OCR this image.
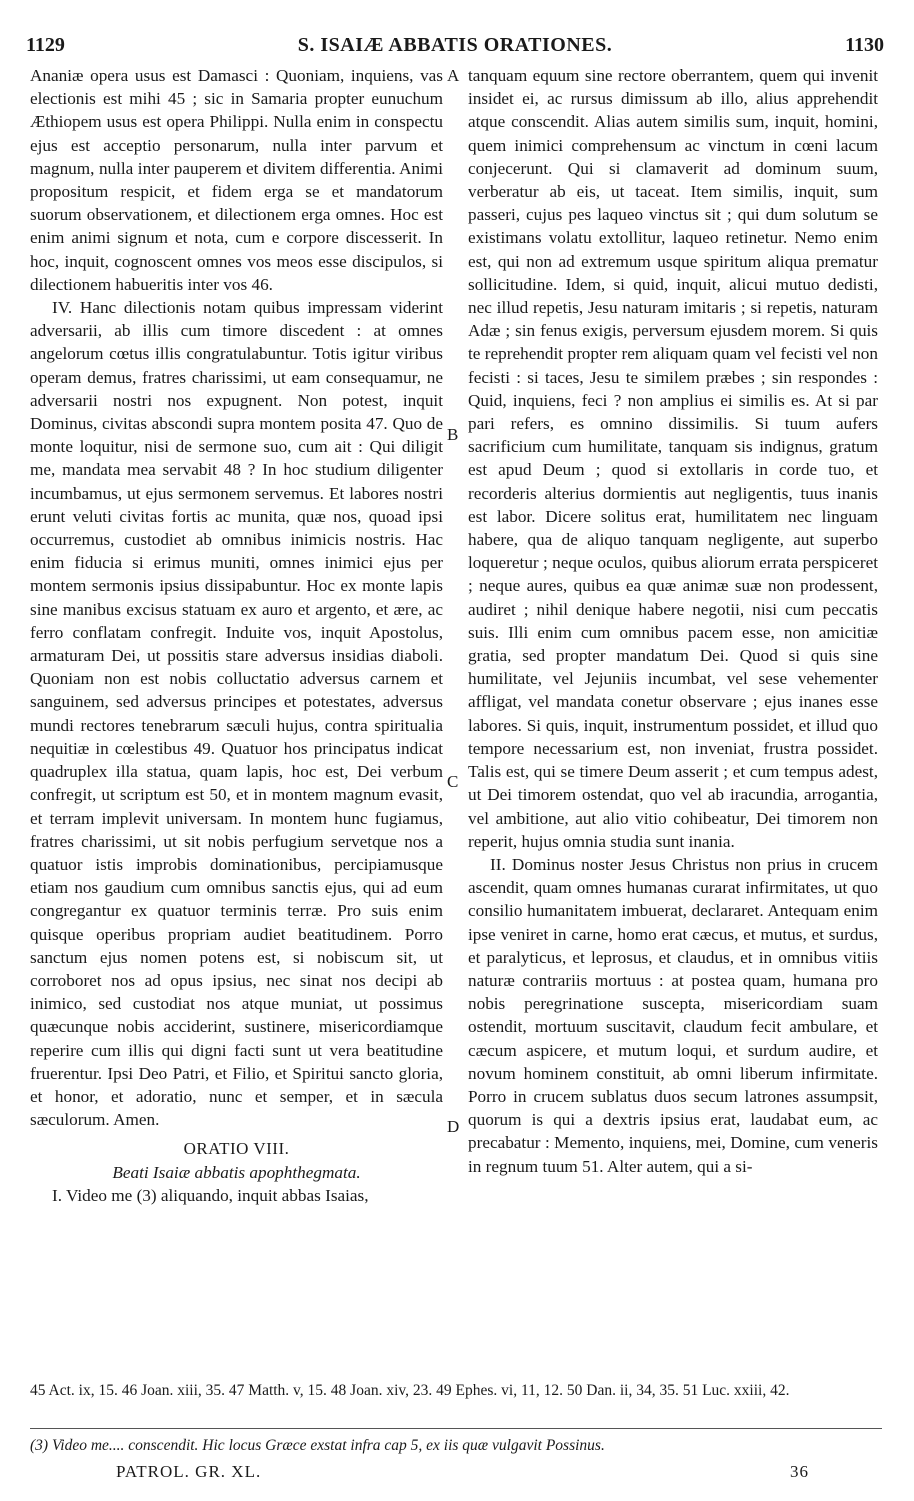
1129	S. ISAIÆ ABBATIS ORATIONES.	1130

Ananiæ opera usus est Damasci : Quoniam, inquiens, vas electionis est mihi 45 ; sic in Samaria propter eunuchum Æthiopem usus est opera Philippi. Nulla enim in conspectu ejus est acceptio personarum, nulla inter parvum et magnum, nulla inter pauperem et divitem differentia. Animi propositum respicit, et fidem erga se et mandatorum suorum observationem, et dilectionem erga omnes. Hoc est enim animi signum et nota, cum e corpore discesserit. In hoc, inquit, cognoscent omnes vos meos esse discipulos, si dilectionem habueritis inter vos 46.

IV. Hanc dilectionis notam quibus impressam viderint adversarii, ab illis cum timore discedent : at omnes angelorum cœtus illis congratulabuntur. Totis igitur viribus operam demus, fratres charissimi, ut eam consequamur, ne adversarii nostri nos expugnent. Non potest, inquit Dominus, civitas abscondi supra montem posita 47. Quo de monte loquitur, nisi de sermone suo, cum ait : Qui diligit me, mandata mea servabit 48 ? In hoc studium diligenter incumbamus, ut ejus sermonem servemus. Et labores nostri erunt veluti civitas fortis ac munita, quæ nos, quoad ipsi occurremus, custodiet ab omnibus inimicis nostris. Hac enim fiducia si erimus muniti, omnes inimici ejus per montem sermonis ipsius dissipabuntur. Hoc ex monte lapis sine manibus excisus statuam ex auro et argento, et ære, ac ferro conflatam confregit. Induite vos, inquit Apostolus, armaturam Dei, ut possitis stare adversus insidias diaboli. Quoniam non est nobis colluctatio adversus carnem et sanguinem, sed adversus principes et potestates, adversus mundi rectores tenebrarum sæculi hujus, contra spiritualia nequitiæ in cœlestibus 49. Quatuor hos principatus indicat quadruplex illa statua, quam lapis, hoc est, Dei verbum confregit, ut scriptum est 50, et in montem magnum evasit, et terram implevit universam. In montem hunc fugiamus, fratres charissimi, ut sit nobis perfugium servetque nos a quatuor istis improbis dominationibus, percipiamusque etiam nos gaudium cum omnibus sanctis ejus, qui ad eum congregantur ex quatuor terminis terræ. Pro suis enim quisque operibus propriam audiet beatitudinem. Porro sanctum ejus nomen potens est, si nobiscum sit, ut corroboret nos ad opus ipsius, nec sinat nos decipi ab inimico, sed custodiat nos atque muniat, ut possimus quæcunque nobis acciderint, sustinere, misericordiamque reperire cum illis qui digni facti sunt ut vera beatitudine fruerentur. Ipsi Deo Patri, et Filio, et Spiritui sancto gloria, et honor, et adoratio, nunc et semper, et in sæcula sæculorum. Amen.

ORATIO VIII.

Beati Isaiæ abbatis apophthegmata.

I. Video me (3) aliquando, inquit abbas Isaias,

tanquam equum sine rectore oberrantem, quem qui invenit insidet ei, ac rursus dimissum ab illo, alius apprehendit atque conscendit. Alias autem similis sum, inquit, homini, quem inimici comprehensum ac vinctum in cœni lacum conjecerunt. Qui si clamaverit ad dominum suum, verberatur ab eis, ut taceat. Item similis, inquit, sum passeri, cujus pes laqueo vinctus sit ; qui dum solutum se existimans volatu extollitur, laqueo retinetur. Nemo enim est, qui non ad extremum usque spiritum aliqua prematur sollicitudine. Idem, si quid, inquit, alicui mutuo dedisti, nec illud repetis, Jesu naturam imitaris ; si repetis, naturam Adæ ; sin fenus exigis, perversum ejusdem morem. Si quis te reprehendit propter rem aliquam quam vel fecisti vel non fecisti : si taces, Jesu te similem præbes ; sin respondes : Quid, inquiens, feci ? non amplius ei similis es. At si par pari refers, es omnino dissimilis. Si tuum aufers sacrificium cum humilitate, tanquam sis indignus, gratum est apud Deum ; quod si extollaris in corde tuo, et recorderis alterius dormientis aut negligentis, tuus inanis est labor. Dicere solitus erat, humilitatem nec linguam habere, qua de aliquo tanquam negligente, aut superbo loqueretur ; neque oculos, quibus aliorum errata perspiceret ; neque aures, quibus ea quæ animæ suæ non prodessent, audiret ; nihil denique habere negotii, nisi cum peccatis suis. Illi enim cum omnibus pacem esse, non amicitiæ gratia, sed propter mandatum Dei. Quod si quis sine humilitate, vel Jejuniis incumbat, vel sese vehementer affligat, vel mandata conetur observare ; ejus inanes esse labores. Si quis, inquit, instrumentum possidet, et illud quo tempore necessarium est, non inveniat, frustra possidet. Talis est, qui se timere Deum asserit ; et cum tempus adest, ut Dei timorem ostendat, quo vel ab iracundia, arrogantia, vel ambitione, aut alio vitio cohibeatur, Dei timorem non reperit, hujus omnia studia sunt inania.

II. Dominus noster Jesus Christus non prius in crucem ascendit, quam omnes humanas curarat infirmitates, ut quo consilio humanitatem imbuerat, declararet. Antequam enim ipse veniret in carne, homo erat cæcus, et mutus, et surdus, et paralyticus, et leprosus, et claudus, et in omnibus vitiis naturæ contrariis mortuus : at postea quam, humana pro nobis peregrinatione suscepta, misericordiam suam ostendit, mortuum suscitavit, claudum fecit ambulare, et cæcum aspicere, et mutum loqui, et surdum audire, et novum hominem constituit, ab omni liberum infirmitate. Porro in crucem sublatus duos secum latrones assumpsit, quorum is qui a dextris ipsius erat, laudabat eum, ac precabatur : Memento, inquiens, mei, Domine, cum veneris in regnum tuum 51. Alter autem, qui a si-

A
B
C
D
45 Act. ix, 15. 46 Joan. xiii, 35. 47 Matth. v, 15. 48 Joan. xiv, 23. 49 Ephes. vi, 11, 12. 50 Dan. ii, 34, 35. 51 Luc. xxiii, 42.
(3) Video me.... conscendit. Hic locus Græce exstat infra cap 5, ex iis quæ vulgavit Possinus.
PATROL. GR. XL.	36
